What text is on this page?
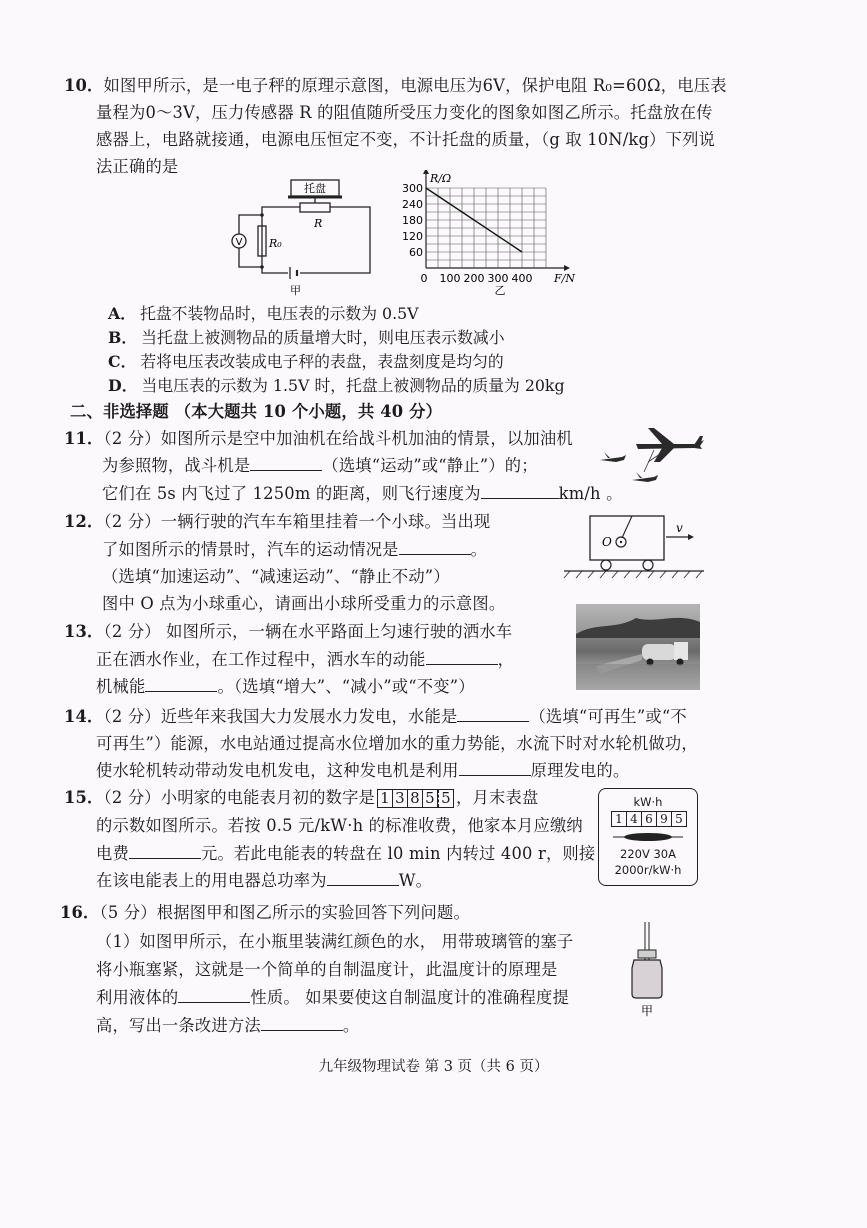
10．如图甲所示，是一电子秤的原理示意图，电源电压为6V，保护电阻 R₀=60Ω，电压表
量程为0～3V，压力传感器 R 的阻值随所受压力变化的图象如图乙所示。托盘放在传
感器上，电路就接通，电源电压恒定不变，不计托盘的质量，（g 取 10N/kg）下列说
法正确的是
托盘
R
R₀
V
甲
60
120
180
240
300
100 200 300 400
0
R/Ω
F/N
乙
A． 托盘不装物品时，电压表的示数为 0.5V
B． 当托盘上被测物品的质量增大时，则电压表示数减小
C． 若将电压表改装成电子秤的表盘，表盘刻度是均匀的
D． 当电压表的示数为 1.5V 时，托盘上被测物品的质量为 20kg
二、非选择题 （本大题共 10 个小题，共 40 分）
11．（2 分）如图所示是空中加油机在给战斗机加油的情景，以加油机
为参照物，战斗机是	（选填“运动”或“静止”）的；
它们在 5s 内飞过了 1250m 的距离，则飞行速度为	km/h 。
12．（2 分）一辆行驶的汽车车箱里挂着一个小球。当出现
了如图所示的情景时，汽车的运动情况是	。
（选填“加速运动”、“减速运动”、“静止不动”）
图中 O 点为小球重心，请画出小球所受重力的示意图。
O
v
13．（2 分） 如图所示，一辆在水平路面上匀速行驶的洒水车
正在洒水作业，在工作过程中，洒水车的动能	，
机械能	。（选填“增大”、“减小”或“不变”）
14．（2 分）近些年来我国大力发展水力发电，水能是	（选填“可再生”或“不
可再生”）能源，水电站通过提高水位增加水的重力势能，水流下时对水轮机做功，
使水轮机转动带动发电机发电，这种发电机是利用	原理发电的。
15．（2 分）小明家的电能表月初的数字是 1 3 8 5 5 ，月末表盘
的示数如图所示。若按 0.5 元/kW·h 的标准收费，他家本月应缴纳
电费	元。若此电能表的转盘在 l0 min 内转过 400 r，则接
在该电能表上的用电器总功率为	W。
kW·h
1 4 6 9 5
220V 30A
2000r/kW·h
16．（5 分）根据图甲和图乙所示的实验回答下列问题。
（1）如图甲所示，在小瓶里装满红颜色的水， 用带玻璃管的塞子
将小瓶塞紧，这就是一个简单的自制温度计，此温度计的原理是
利用液体的	性质。 如果要使这自制温度计的准确程度提
高，写出一条改进方法	。
甲
九年级物理试卷 第 3 页（共 6 页）
